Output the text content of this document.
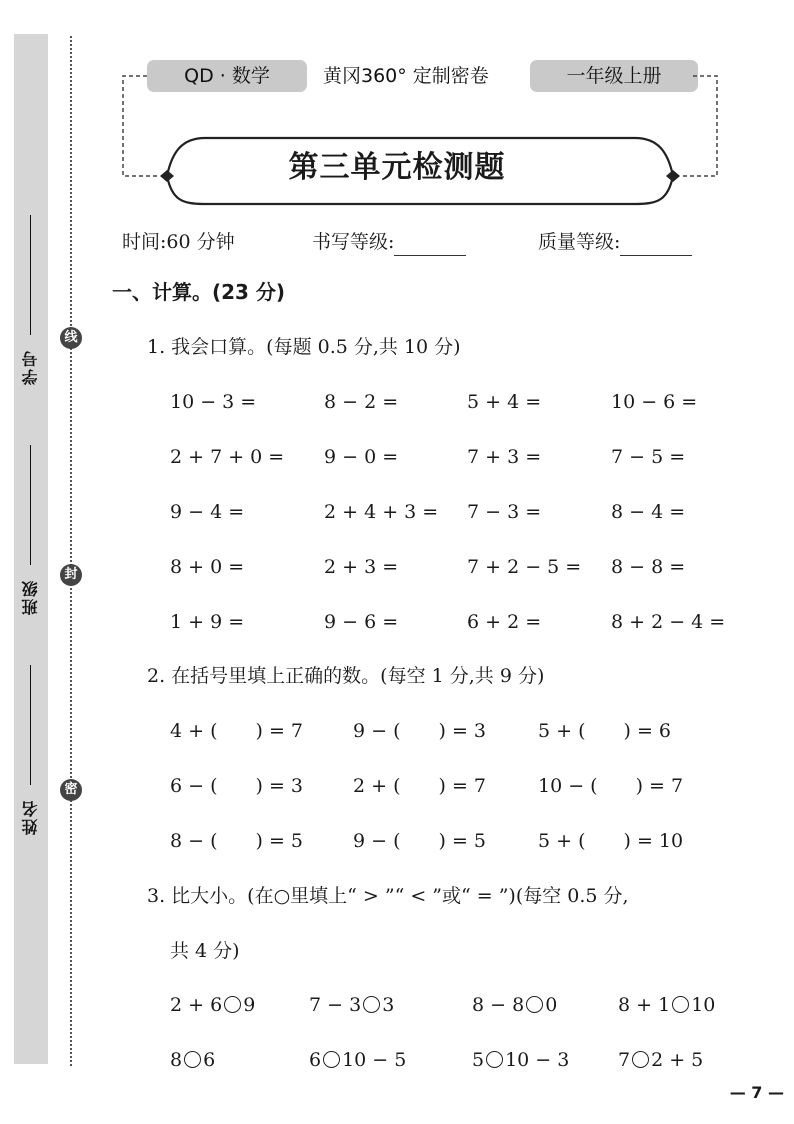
学号
班级
姓名
线
封
密
QD · 数学	黄冈360° 定制密卷	一年级上册
第三单元检测题
时间:60 分钟	书写等级:	质量等级:
一、计算。(23 分)
1. 我会口算。(每题 0.5 分,共 10 分)
10 − 3 =	8 − 2 =	5 + 4 =	10 − 6 =
2 + 7 + 0 = 9 − 0 =	7 + 3 =	7 − 5 =
9 − 4 =	2 + 4 + 3 = 7 − 3 =	8 − 4 =
8 + 0 =	2 + 3 =	7 + 2 − 5 = 8 − 8 =
1 + 9 =	9 − 6 =	6 + 2 =	8 + 2 − 4 =
2. 在括号里填上正确的数。(每空 1 分,共 9 分)
4 + (　　) = 7	9 − (　　) = 3	5 + (　　) = 6
6 − (　　) = 3	2 + (　　) = 7	10 − (　　) = 7
8 − (　　) = 5	9 − (　　) = 5	5 + (　　) = 10
3. 比大小。(在○里填上“ > ”“ < ”或“ = ”)(每空 0.5 分,
共 4 分)
2 + 6 9	7 − 3 3	8 − 8 0	8 + 1 10
8 6	6 10 − 5	5 10 − 3	7 2 + 5
— 7 —
